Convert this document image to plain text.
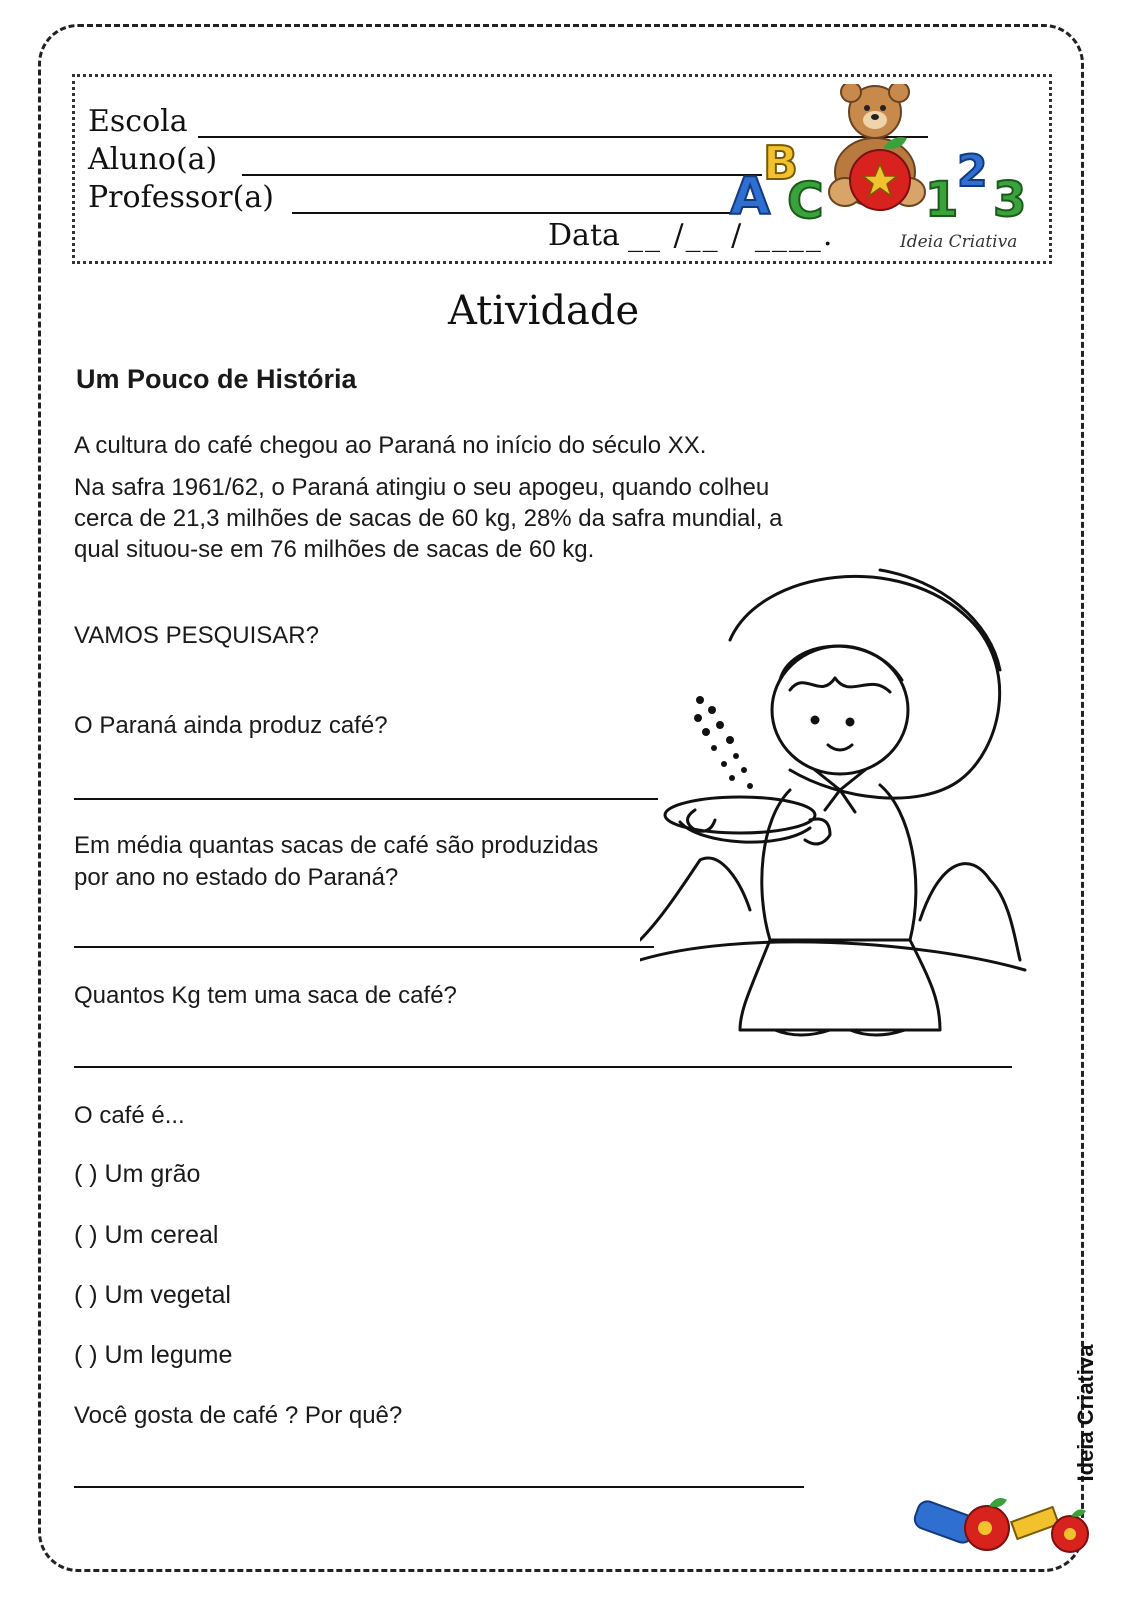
Escola
Aluno(a)
Professor(a)
Data __ /__ / ____.
A
B
C 1
2
3
Ideia Criativa
Atividade
Um Pouco de História
A cultura do café chegou ao Paraná no início do século XX.
Na safra 1961/62, o Paraná atingiu o seu apogeu, quando colheu
cerca de 21,3 milhões de sacas de 60 kg, 28% da safra mundial, a
qual situou-se em 76 milhões de sacas de 60 kg.
VAMOS PESQUISAR?
O Paraná ainda produz café?
Em média quantas sacas de café são produzidas
por ano no estado do Paraná?
Quantos Kg tem uma saca de café?
O café é...
( ) Um grão
( ) Um cereal
( ) Um vegetal
( ) Um legume
Você gosta de café ? Por quê?	Ideia Criativa
